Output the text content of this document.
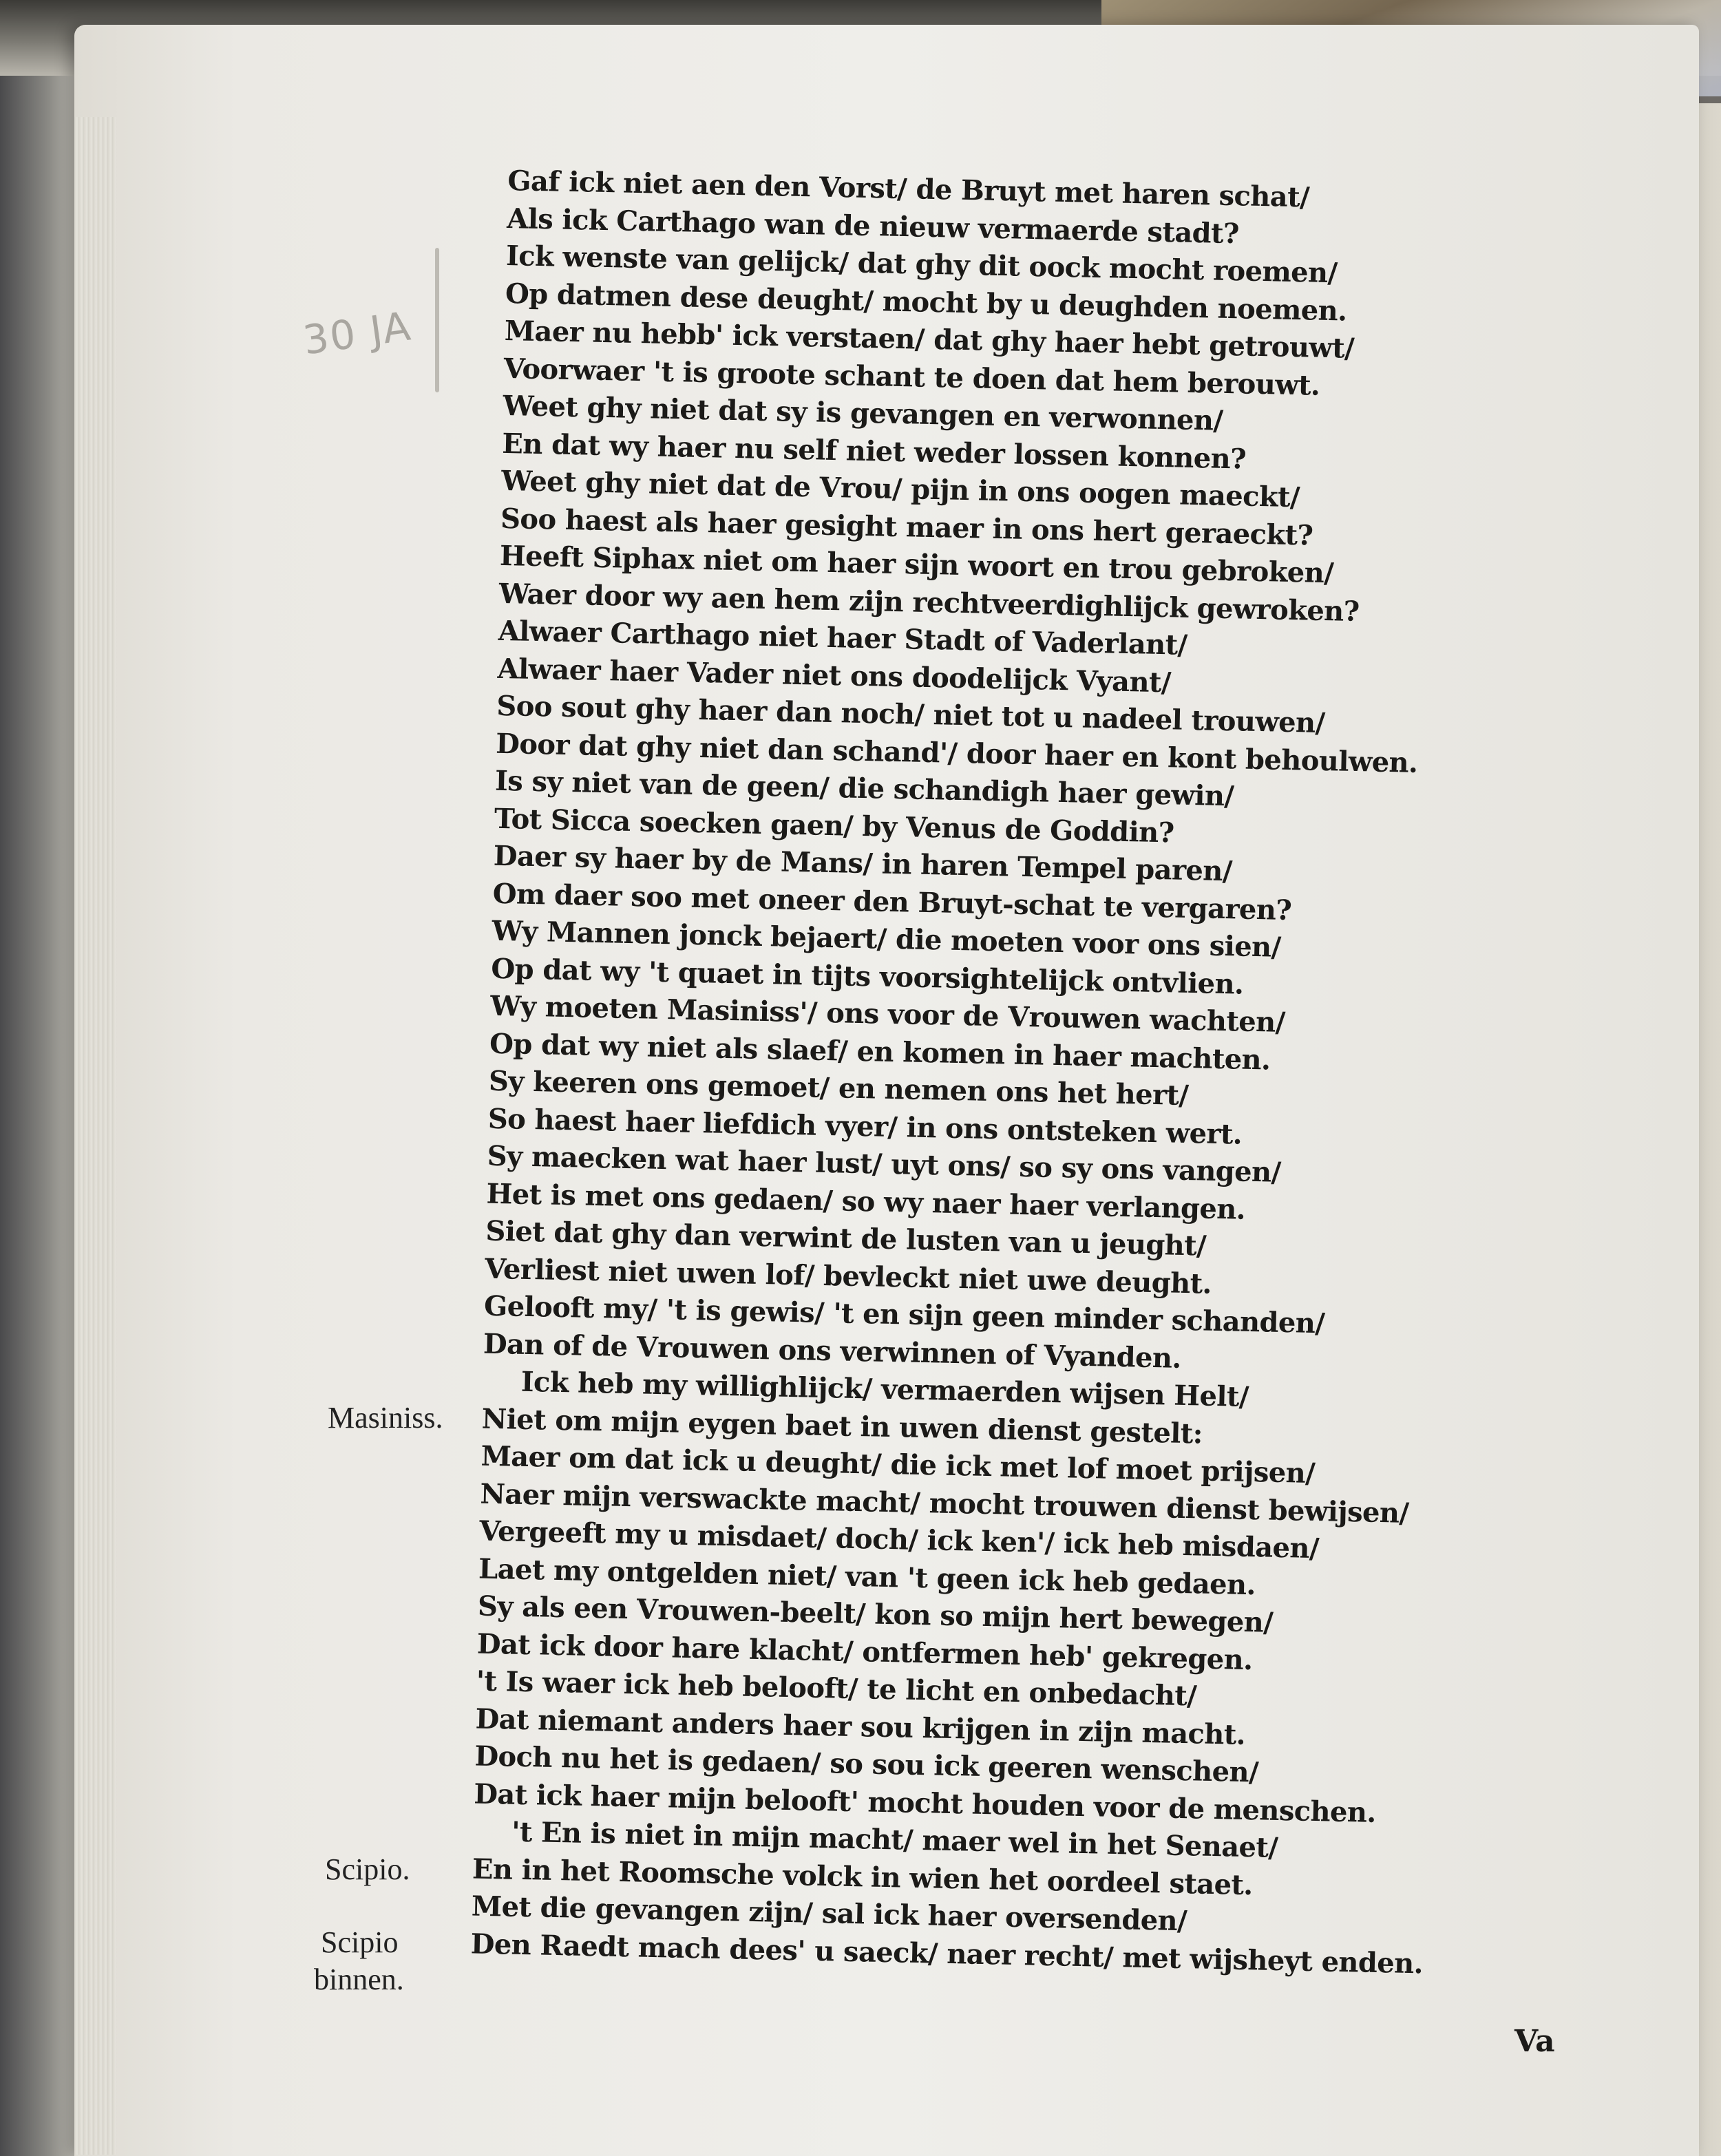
30 JA
Gaf ick niet aen den Vorst/ de Bruyt met haren schat/
Als ick Carthago wan de nieuw vermaerde stadt?
Ick wenste van gelijck/ dat ghy dit oock mocht roemen/
Op datmen dese deught/ mocht by u deughden noemen.
Maer nu hebb' ick verstaen/ dat ghy haer hebt getrouwt/
Voorwaer 't is groote schant te doen dat hem berouwt.
Weet ghy niet dat sy is gevangen en verwonnen/
En dat wy haer nu self niet weder lossen konnen?
Weet ghy niet dat de Vrou/ pijn in ons oogen maeckt/
Soo haest als haer gesight maer in ons hert geraeckt?
Heeft Siphax niet om haer sijn woort en trou gebroken/
Waer door wy aen hem zijn rechtveerdighlijck gewroken?
Alwaer Carthago niet haer Stadt of Vaderlant/
Alwaer haer Vader niet ons doodelijck Vyant/
Soo sout ghy haer dan noch/ niet tot u nadeel trouwen/
Door dat ghy niet dan schand'/ door haer en kont behoulwen.
Is sy niet van de geen/ die schandigh haer gewin/
Tot Sicca soecken gaen/ by Venus de Goddin?
Daer sy haer by de Mans/ in haren Tempel paren/
Om daer soo met oneer den Bruyt-schat te vergaren?
Wy Mannen jonck bejaert/ die moeten voor ons sien/
Op dat wy 't quaet in tijts voorsightelijck ontvlien.
Wy moeten Masiniss'/ ons voor de Vrouwen wachten/
Op dat wy niet als slaef/ en komen in haer machten.
Sy keeren ons gemoet/ en nemen ons het hert/
So haest haer liefdich vyer/ in ons ontsteken wert.
Sy maecken wat haer lust/ uyt ons/ so sy ons vangen/
Het is met ons gedaen/ so wy naer haer verlangen.
Siet dat ghy dan verwint de lusten van u jeught/
Verliest niet uwen lof/ bevleckt niet uwe deught.
Gelooft my/ 't is gewis/ 't en sijn geen minder schanden/
Dan of de Vrouwen ons verwinnen of Vyanden.
Ick heb my willighlijck/ vermaerden wijsen Helt/
Niet om mijn eygen baet in uwen dienst gestelt:
Maer om dat ick u deught/ die ick met lof moet prijsen/
Naer mijn verswackte macht/ mocht trouwen dienst bewijsen/
Vergeeft my u misdaet/ doch/ ick ken'/ ick heb misdaen/
Laet my ontgelden niet/ van 't geen ick heb gedaen.
Sy als een Vrouwen-beelt/ kon so mijn hert bewegen/
Dat ick door hare klacht/ ontfermen heb' gekregen.
't Is waer ick heb belooft/ te licht en onbedacht/
Dat niemant anders haer sou krijgen in zijn macht.
Doch nu het is gedaen/ so sou ick geeren wenschen/
Dat ick haer mijn belooft' mocht houden voor de menschen.
't En is niet in mijn macht/ maer wel in het Senaet/
En in het Roomsche volck in wien het oordeel staet.
Met die gevangen zijn/ sal ick haer oversenden/
Den Raedt mach dees' u saeck/ naer recht/ met wijsheyt enden.
Masiniss.
Scipio.
Scipio
binnen.
Va
